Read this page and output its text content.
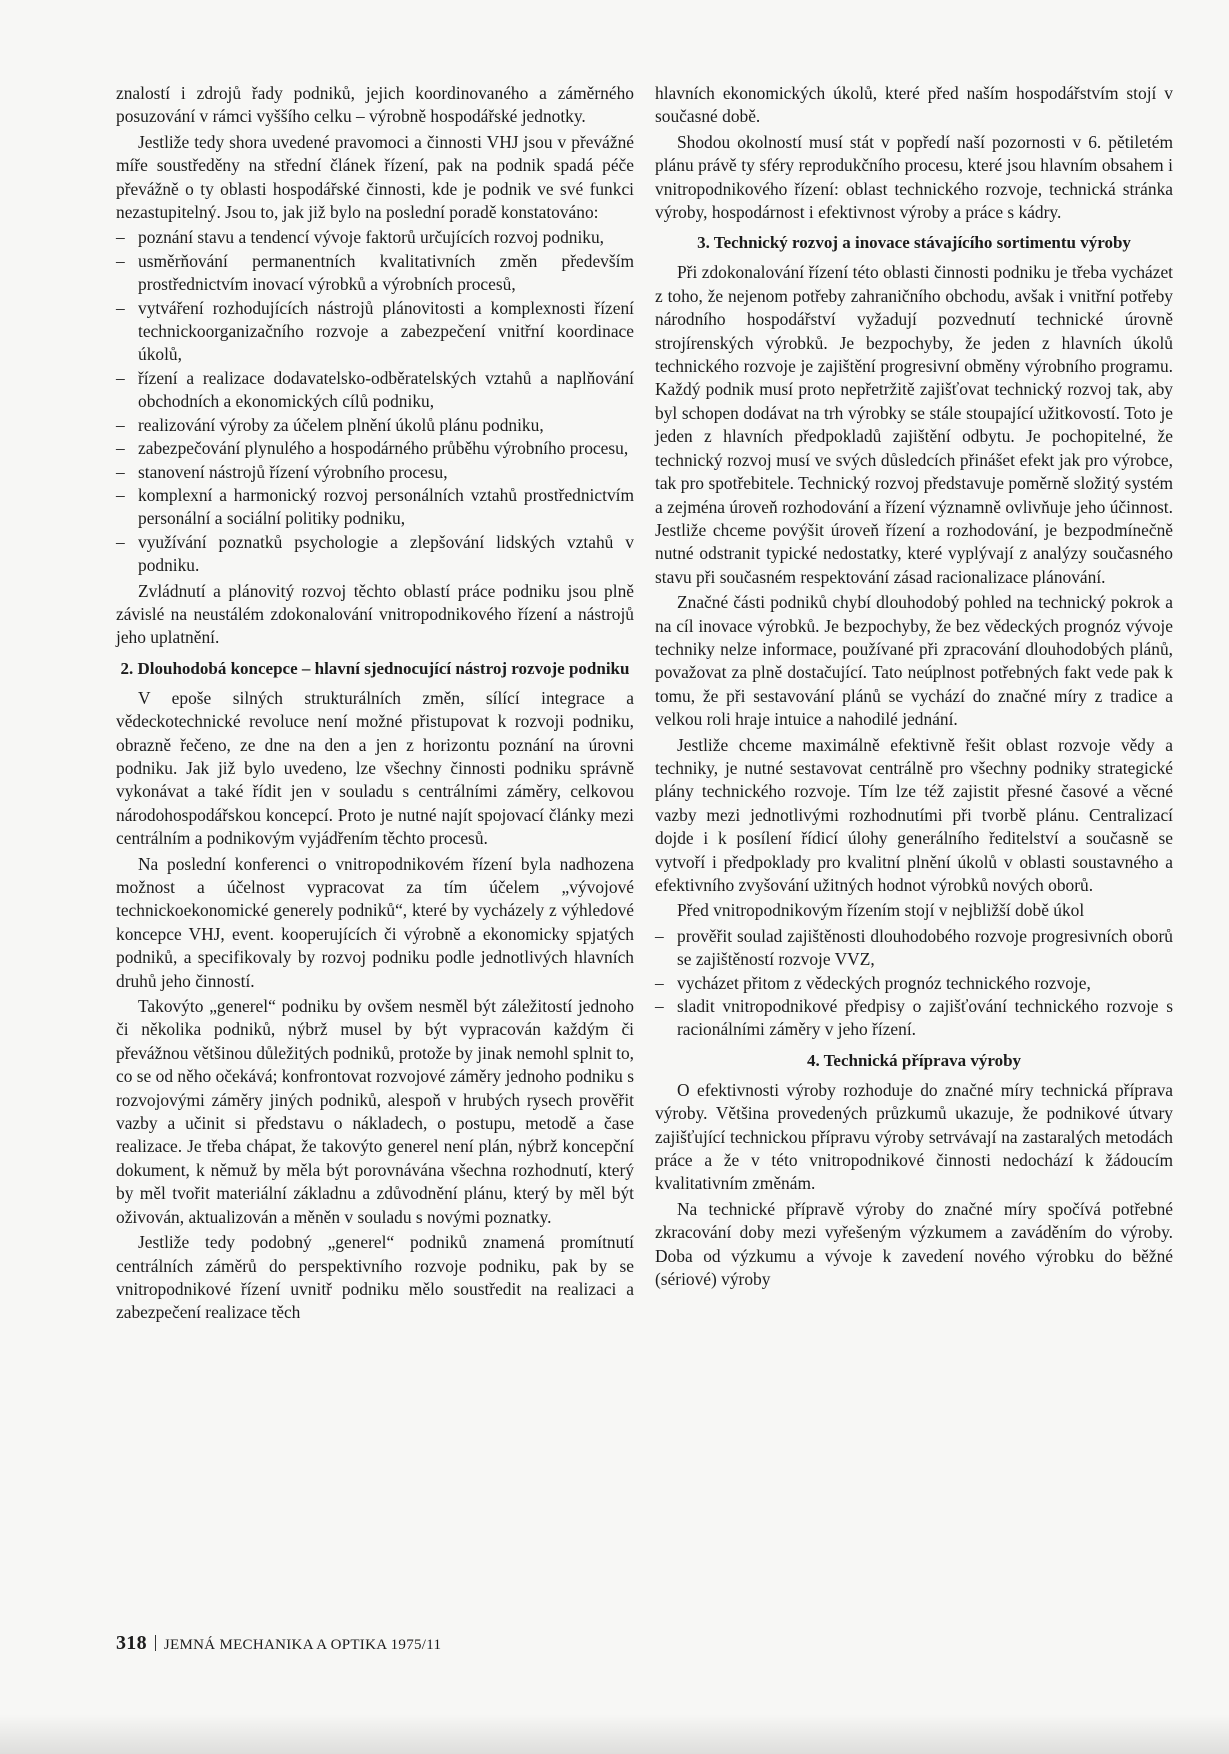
znalostí i zdrojů řady podniků, jejich koordinovaného a záměrného posuzování v rámci vyššího celku – výrobně hospodářské jednotky.

Jestliže tedy shora uvedené pravomoci a činnosti VHJ jsou v převážné míře soustředěny na střední článek řízení, pak na podnik spadá péče převážně o ty oblasti hospodářské činnosti, kde je podnik ve své funkci nezastupitelný. Jsou to, jak již bylo na poslední poradě konstatováno:

– poznání stavu a tendencí vývoje faktorů určujících rozvoj podniku,
– usměrňování permanentních kvalitativních změn především prostřednictvím inovací výrobků a výrobních procesů,
– vytváření rozhodujících nástrojů plánovitosti a komplexnosti řízení technickoorganizačního rozvoje a zabezpečení vnitřní koordinace úkolů,
– řízení a realizace dodavatelsko-odběratelských vztahů a naplňování obchodních a ekonomických cílů podniku,
– realizování výroby za účelem plnění úkolů plánu podniku,
– zabezpečování plynulého a hospodárného průběhu výrobního procesu,
– stanovení nástrojů řízení výrobního procesu,
– komplexní a harmonický rozvoj personálních vztahů prostřednictvím personální a sociální politiky podniku,
– využívání poznatků psychologie a zlepšování lidských vztahů v podniku.

Zvládnutí a plánovitý rozvoj těchto oblastí práce podniku jsou plně závislé na neustálém zdokonalování vnitropodnikového řízení a nástrojů jeho uplatnění.

2. Dlouhodobá koncepce – hlavní sjednocující nástroj rozvoje podniku

V epoše silných strukturálních změn, sílící integrace a vědeckotechnické revoluce není možné přistupovat k rozvoji podniku, obrazně řečeno, ze dne na den a jen z horizontu poznání na úrovni podniku. Jak již bylo uvedeno, lze všechny činnosti podniku správně vykonávat a také řídit jen v souladu s centrálními záměry, celkovou národohospodářskou koncepcí. Proto je nutné najít spojovací články mezi centrálním a podnikovým vyjádřením těchto procesů.

Na poslední konferenci o vnitropodnikovém řízení byla nadhozena možnost a účelnost vypracovat za tím účelem „vývojové technickoekonomické generely podniků“, které by vycházely z výhledové koncepce VHJ, event. kooperujících či výrobně a ekonomicky spjatých podniků, a specifikovaly by rozvoj podniku podle jednotlivých hlavních druhů jeho činností.

Takovýto „generel“ podniku by ovšem nesměl být záležitostí jednoho či několika podniků, nýbrž musel by být vypracován každým či převážnou většinou důležitých podniků, protože by jinak nemohl splnit to, co se od něho očekává; konfrontovat rozvojové záměry jednoho podniku s rozvojovými záměry jiných podniků, alespoň v hrubých rysech prověřit vazby a učinit si představu o nákladech, o postupu, metodě a čase realizace. Je třeba chápat, že takovýto generel není plán, nýbrž koncepční dokument, k němuž by měla být porovnávána všechna rozhodnutí, který by měl tvořit materiální základnu a zdůvodnění plánu, který by měl být oživován, aktualizován a měněn v souladu s novými poznatky.

Jestliže tedy podobný „generel“ podniků znamená promítnutí centrálních záměrů do perspektivního rozvoje podniku, pak by se vnitropodnikové řízení uvnitř podniku mělo soustředit na realizaci a zabezpečení realizace těch

hlavních ekonomických úkolů, které před naším hospodářstvím stojí v současné době.

Shodou okolností musí stát v popředí naší pozornosti v 6. pětiletém plánu právě ty sféry reprodukčního procesu, které jsou hlavním obsahem i vnitropodnikového řízení: oblast technického rozvoje, technická stránka výroby, hospodárnost i efektivnost výroby a práce s kádry.

3. Technický rozvoj a inovace stávajícího sortimentu výroby

Při zdokonalování řízení této oblasti činnosti podniku je třeba vycházet z toho, že nejenom potřeby zahraničního obchodu, avšak i vnitřní potřeby národního hospodářství vyžadují pozvednutí technické úrovně strojírenských výrobků. Je bezpochyby, že jeden z hlavních úkolů technického rozvoje je zajištění progresivní obměny výrobního programu. Každý podnik musí proto nepřetržitě zajišťovat technický rozvoj tak, aby byl schopen dodávat na trh výrobky se stále stoupající užitkovostí. Toto je jeden z hlavních předpokladů zajištění odbytu. Je pochopitelné, že technický rozvoj musí ve svých důsledcích přinášet efekt jak pro výrobce, tak pro spotřebitele. Technický rozvoj představuje poměrně složitý systém a zejména úroveň rozhodování a řízení významně ovlivňuje jeho účinnost. Jestliže chceme povýšit úroveň řízení a rozhodování, je bezpodmínečně nutné odstranit typické nedostatky, které vyplývají z analýzy současného stavu při současném respektování zásad racionalizace plánování.

Značné části podniků chybí dlouhodobý pohled na technický pokrok a na cíl inovace výrobků. Je bezpochyby, že bez vědeckých prognóz vývoje techniky nelze informace, používané při zpracování dlouhodobých plánů, považovat za plně dostačující. Tato neúplnost potřebných fakt vede pak k tomu, že při sestavování plánů se vychází do značné míry z tradice a velkou roli hraje intuice a nahodilé jednání.

Jestliže chceme maximálně efektivně řešit oblast rozvoje vědy a techniky, je nutné sestavovat centrálně pro všechny podniky strategické plány technického rozvoje. Tím lze též zajistit přesné časové a věcné vazby mezi jednotlivými rozhodnutími při tvorbě plánu. Centralizací dojde i k posílení řídicí úlohy generálního ředitelství a současně se vytvoří i předpoklady pro kvalitní plnění úkolů v oblasti soustavného a efektivního zvyšování užitných hodnot výrobků nových oborů.

Před vnitropodnikovým řízením stojí v nejbližší době úkol

– prověřit soulad zajištěnosti dlouhodobého rozvoje progresivních oborů se zajištěností rozvoje VVZ,
– vycházet přitom z vědeckých prognóz technického rozvoje,
– sladit vnitropodnikové předpisy o zajišťování technického rozvoje s racionálními záměry v jeho řízení.
4. Technická příprava výroby

O efektivnosti výroby rozhoduje do značné míry technická příprava výroby. Většina provedených průzkumů ukazuje, že podnikové útvary zajišťující technickou přípravu výroby setrvávají na zastaralých metodách práce a že v této vnitropodnikové činnosti nedochází k žádoucím kvalitativním změnám.

Na technické přípravě výroby do značné míry spočívá potřebné zkracování doby mezi vyřešeným výzkumem a zaváděním do výroby. Doba od výzkumu a vývoje k zavedení nového výrobku do běžné (sériové) výroby

318 JEMNÁ MECHANIKA A OPTIKA 1975/11
